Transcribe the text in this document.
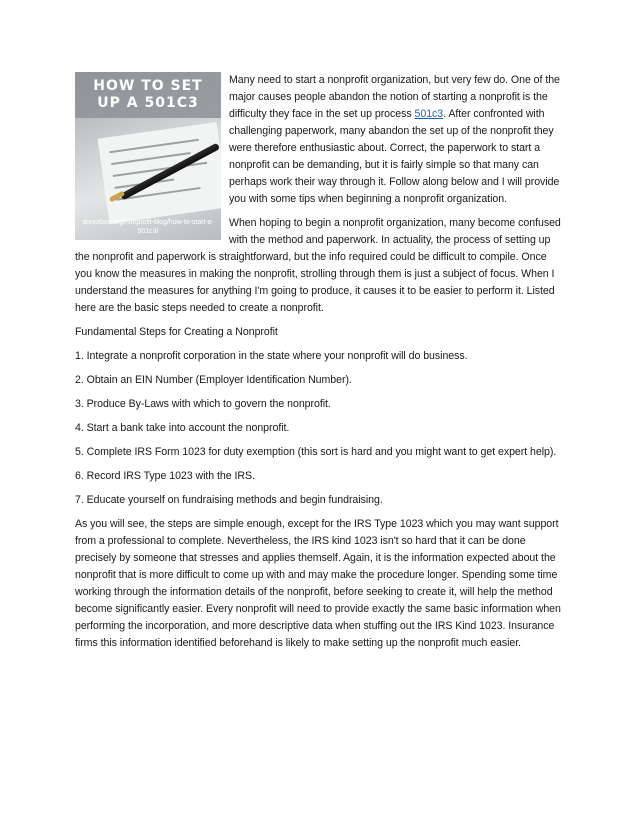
HOW TO SET
UP A 501C3
donorbox.org/nonprofit-blog/how-to-start-a-501c3/

Many need to start a nonprofit organization, but very few do. One of the major causes people abandon the notion of starting a nonprofit is the difficulty they face in the set up process 501c3. After confronted with challenging paperwork, many abandon the set up of the nonprofit they were therefore enthusiastic about. Correct, the paperwork to start a nonprofit can be demanding, but it is fairly simple so that many can perhaps work their way through it. Follow along below and I will provide you with some tips when beginning a nonprofit organization.

When hoping to begin a nonprofit organization, many become confused with the method and paperwork. In actuality, the process of setting up the nonprofit and paperwork is straightforward, but the info required could be difficult to compile. Once you know the measures in making the nonprofit, strolling through them is just a subject of focus. When I understand the measures for anything I'm going to produce, it causes it to be easier to perform it. Listed here are the basic steps needed to create a nonprofit.

Fundamental Steps for Creating a Nonprofit

1. Integrate a nonprofit corporation in the state where your nonprofit will do business.

2. Obtain an EIN Number (Employer Identification Number).

3. Produce By-Laws with which to govern the nonprofit.

4. Start a bank take into account the nonprofit.

5. Complete IRS Form 1023 for duty exemption (this sort is hard and you might want to get expert help).

6. Record IRS Type 1023 with the IRS.

7. Educate yourself on fundraising methods and begin fundraising.

As you will see, the steps are simple enough, except for the IRS Type 1023 which you may want support from a professional to complete. Nevertheless, the IRS kind 1023 isn't so hard that it can be done precisely by someone that stresses and applies themself. Again, it is the information expected about the nonprofit that is more difficult to come up with and may make the procedure longer. Spending some time working through the information details of the nonprofit, before seeking to create it, will help the method become significantly easier. Every nonprofit will need to provide exactly the same basic information when performing the incorporation, and more descriptive data when stuffing out the IRS Kind 1023. Insurance firms this information identified beforehand is likely to make setting up the nonprofit much easier.
